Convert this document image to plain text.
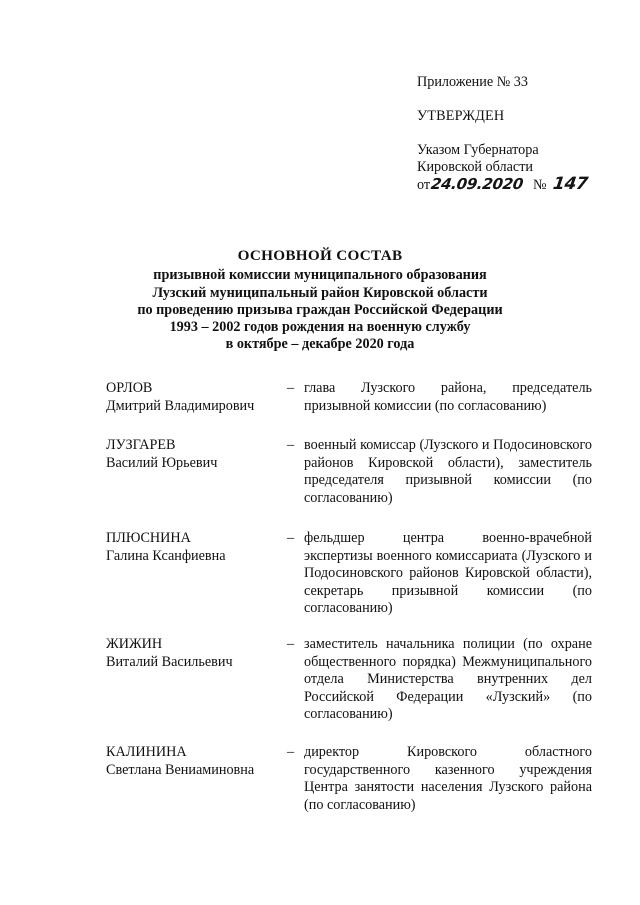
Приложение № 33
УТВЕРЖДЕН
Указом Губернатора
Кировской области
от 24.09.2020 № 147
ОСНОВНОЙ СОСТАВ
призывной комиссии муниципального образования
Лузский муниципальный район Кировской области
по проведению призыва граждан Российской Федерации
1993 – 2002 годов рождения на военную службу
в октябре – декабре 2020 года
ОРЛОВ
Дмитрий Владимирович
– глава Лузского района, председатель призывной комиссии (по согласованию)
ЛУЗГАРЕВ
Василий Юрьевич
– военный комиссар (Лузского и Подосиновского районов Кировской области), заместитель председателя призывной комиссии (по согласованию)
ПЛЮСНИНА
Галина Ксанфиевна
– фельдшер центра военно-врачебной экспертизы военного комиссариата (Лузского и Подосиновского районов Кировской области), секретарь призывной комиссии (по согласованию)
ЖИЖИН
Виталий Васильевич
– заместитель начальника полиции (по охране общественного порядка) Межмуниципального отдела Министерства внутренних дел Российской Федерации «Лузский» (по согласованию)
КАЛИНИНА
Светлана Вениаминовна
– директор Кировского областного государственного казенного учреждения Центра занятости населения Лузского района (по согласованию)
